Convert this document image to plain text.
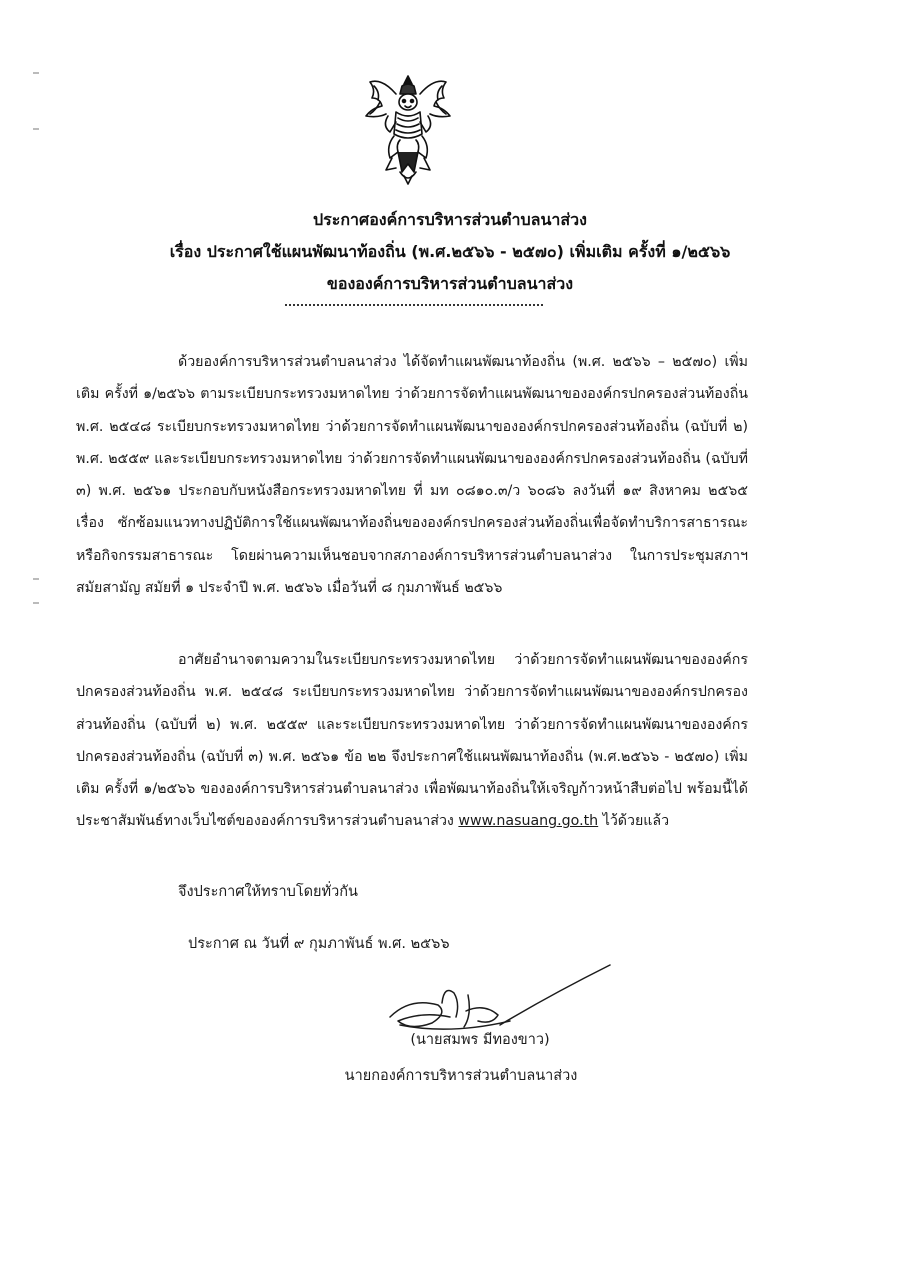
ประกาศองค์การบริหารส่วนตำบลนาส่วง
เรื่อง ประกาศใช้แผนพัฒนาท้องถิ่น (พ.ศ.๒๕๖๖ - ๒๕๗๐) เพิ่มเติม ครั้งที่ ๑/๒๕๖๖
ขององค์การบริหารส่วนตำบลนาส่วง

ด้วยองค์การบริหารส่วนตำบลนาส่วง ได้จัดทำแผนพัฒนาท้องถิ่น (พ.ศ. ๒๕๖๖ – ๒๕๗๐) เพิ่มเติม ครั้งที่ ๑/๒๕๖๖ ตามระเบียบกระทรวงมหาดไทย ว่าด้วยการจัดทำแผนพัฒนาขององค์กรปกครองส่วนท้องถิ่น พ.ศ. ๒๕๔๘ ระเบียบกระทรวงมหาดไทย ว่าด้วยการจัดทำแผนพัฒนาขององค์กรปกครองส่วนท้องถิ่น (ฉบับที่ ๒) พ.ศ. ๒๕๕๙ และระเบียบกระทรวงมหาดไทย ว่าด้วยการจัดทำแผนพัฒนาขององค์กรปกครองส่วนท้องถิ่น (ฉบับที่ ๓) พ.ศ. ๒๕๖๑ ประกอบกับหนังสือกระทรวงมหาดไทย ที่ มท ๐๘๑๐.๓/ว ๖๐๘๖ ลงวันที่ ๑๙ สิงหาคม ๒๕๖๕ เรื่อง ซักซ้อมแนวทางปฏิบัติการใช้แผนพัฒนาท้องถิ่นขององค์กรปกครองส่วนท้องถิ่นเพื่อจัดทำบริการสาธารณะหรือกิจกรรมสาธารณะ โดยผ่านความเห็นชอบจากสภาองค์การบริหารส่วนตำบลนาส่วง ในการประชุมสภาฯ สมัยสามัญ สมัยที่ ๑ ประจำปี พ.ศ. ๒๕๖๖ เมื่อวันที่ ๘ กุมภาพันธ์ ๒๕๖๖

อาศัยอำนาจตามความในระเบียบกระทรวงมหาดไทย ว่าด้วยการจัดทำแผนพัฒนาขององค์กรปกครองส่วนท้องถิ่น พ.ศ. ๒๕๔๘ ระเบียบกระทรวงมหาดไทย ว่าด้วยการจัดทำแผนพัฒนาขององค์กรปกครองส่วนท้องถิ่น (ฉบับที่ ๒) พ.ศ. ๒๕๕๙ และระเบียบกระทรวงมหาดไทย ว่าด้วยการจัดทำแผนพัฒนาขององค์กรปกครองส่วนท้องถิ่น (ฉบับที่ ๓) พ.ศ. ๒๕๖๑ ข้อ ๒๒ จึงประกาศใช้แผนพัฒนาท้องถิ่น (พ.ศ.๒๕๖๖ - ๒๕๗๐) เพิ่มเติม ครั้งที่ ๑/๒๕๖๖ ขององค์การบริหารส่วนตำบลนาส่วง เพื่อพัฒนาท้องถิ่นให้เจริญก้าวหน้าสืบต่อไป พร้อมนี้ได้ประชาสัมพันธ์ทางเว็บไซต์ขององค์การบริหารส่วนตำบลนาส่วง www.nasuang.go.th ไว้ด้วยแล้ว

จึงประกาศให้ทราบโดยทั่วกัน
ประกาศ ณ วันที่ ๙ กุมภาพันธ์ พ.ศ. ๒๕๖๖
(นายสมพร มีทองขาว)
นายกองค์การบริหารส่วนตำบลนาส่วง
